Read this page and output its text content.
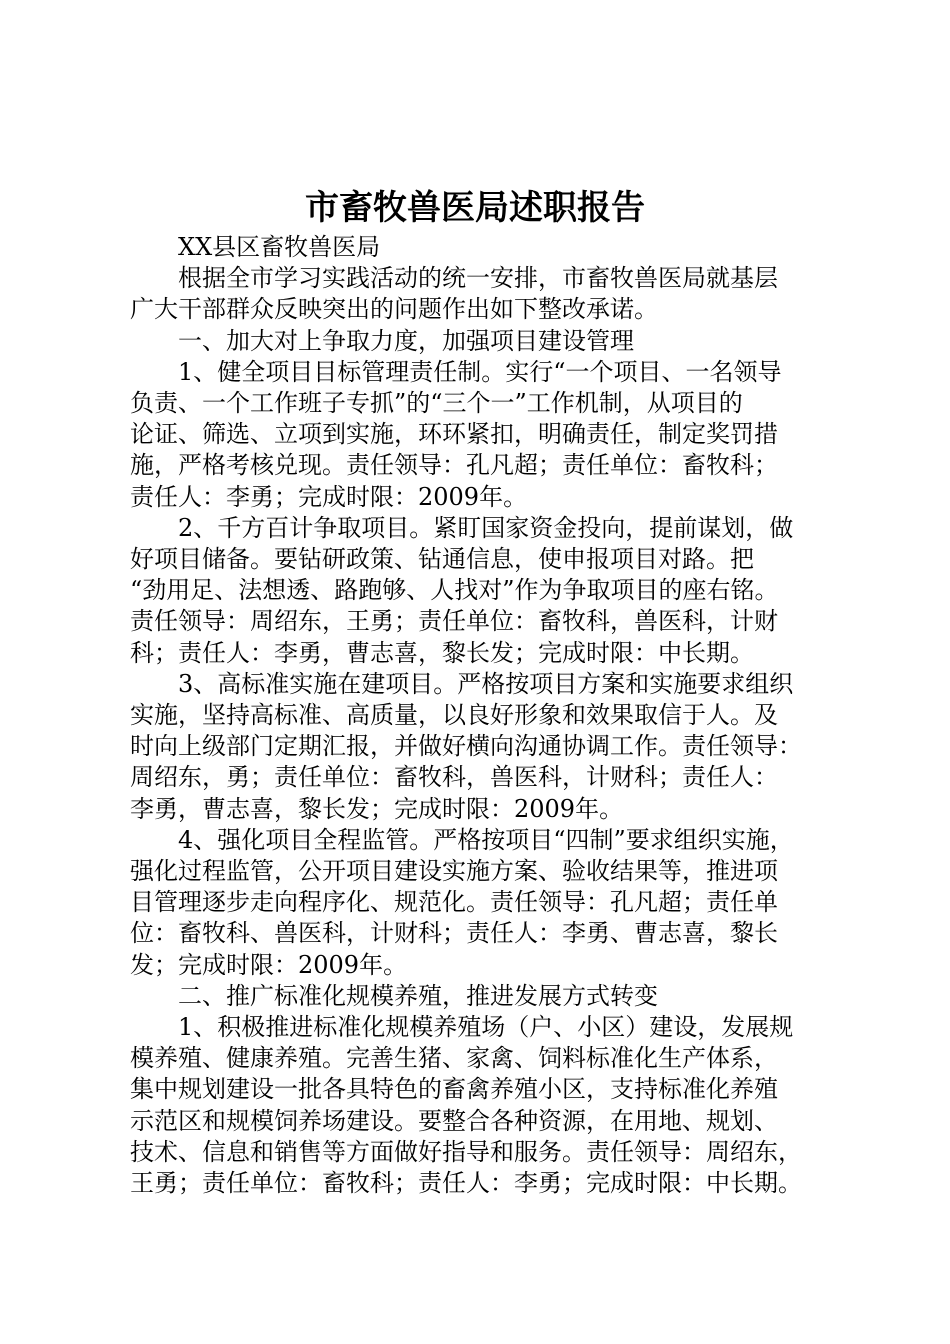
市畜牧兽医局述职报告

XX县区畜牧兽医局

根据全市学习实践活动的统一安排，市畜牧兽医局就基层
广大干部群众反映突出的问题作出如下整改承诺。

一、加大对上争取力度，加强项目建设管理

1、健全项目目标管理责任制。实行“一个项目、一名领导
负责、一个工作班子专抓”的“三个一”工作机制，从项目的
论证、筛选、立项到实施，环环紧扣，明确责任，制定奖罚措
施，严格考核兑现。责任领导：孔凡超；责任单位：畜牧科；
责任人：李勇；完成时限：2009年。

2、千方百计争取项目。紧盯国家资金投向，提前谋划，做
好项目储备。要钻研政策、钻通信息，使申报项目对路。把
“劲用足、法想透、路跑够、人找对”作为争取项目的座右铭。
责任领导：周绍东，王勇；责任单位：畜牧科，兽医科，计财
科；责任人：李勇，曹志喜，黎长发；完成时限：中长期。

3、高标准实施在建项目。严格按项目方案和实施要求组织
实施，坚持高标准、高质量，以良好形象和效果取信于人。及
时向上级部门定期汇报，并做好横向沟通协调工作。责任领导：
周绍东，勇；责任单位：畜牧科，兽医科，计财科；责任人：
李勇，曹志喜，黎长发；完成时限：2009年。

4、强化项目全程监管。严格按项目“四制”要求组织实施，
强化过程监管，公开项目建设实施方案、验收结果等，推进项
目管理逐步走向程序化、规范化。责任领导：孔凡超；责任单
位：畜牧科、兽医科，计财科；责任人：李勇、曹志喜，黎长
发；完成时限：2009年。

二、推广标准化规模养殖，推进发展方式转变

1、积极推进标准化规模养殖场（户、小区）建设，发展规
模养殖、健康养殖。完善生猪、家禽、饲料标准化生产体系，
集中规划建设一批各具特色的畜禽养殖小区，支持标准化养殖
示范区和规模饲养场建设。要整合各种资源，在用地、规划、
技术、信息和销售等方面做好指导和服务。责任领导：周绍东，
王勇；责任单位：畜牧科；责任人：李勇；完成时限：中长期。
